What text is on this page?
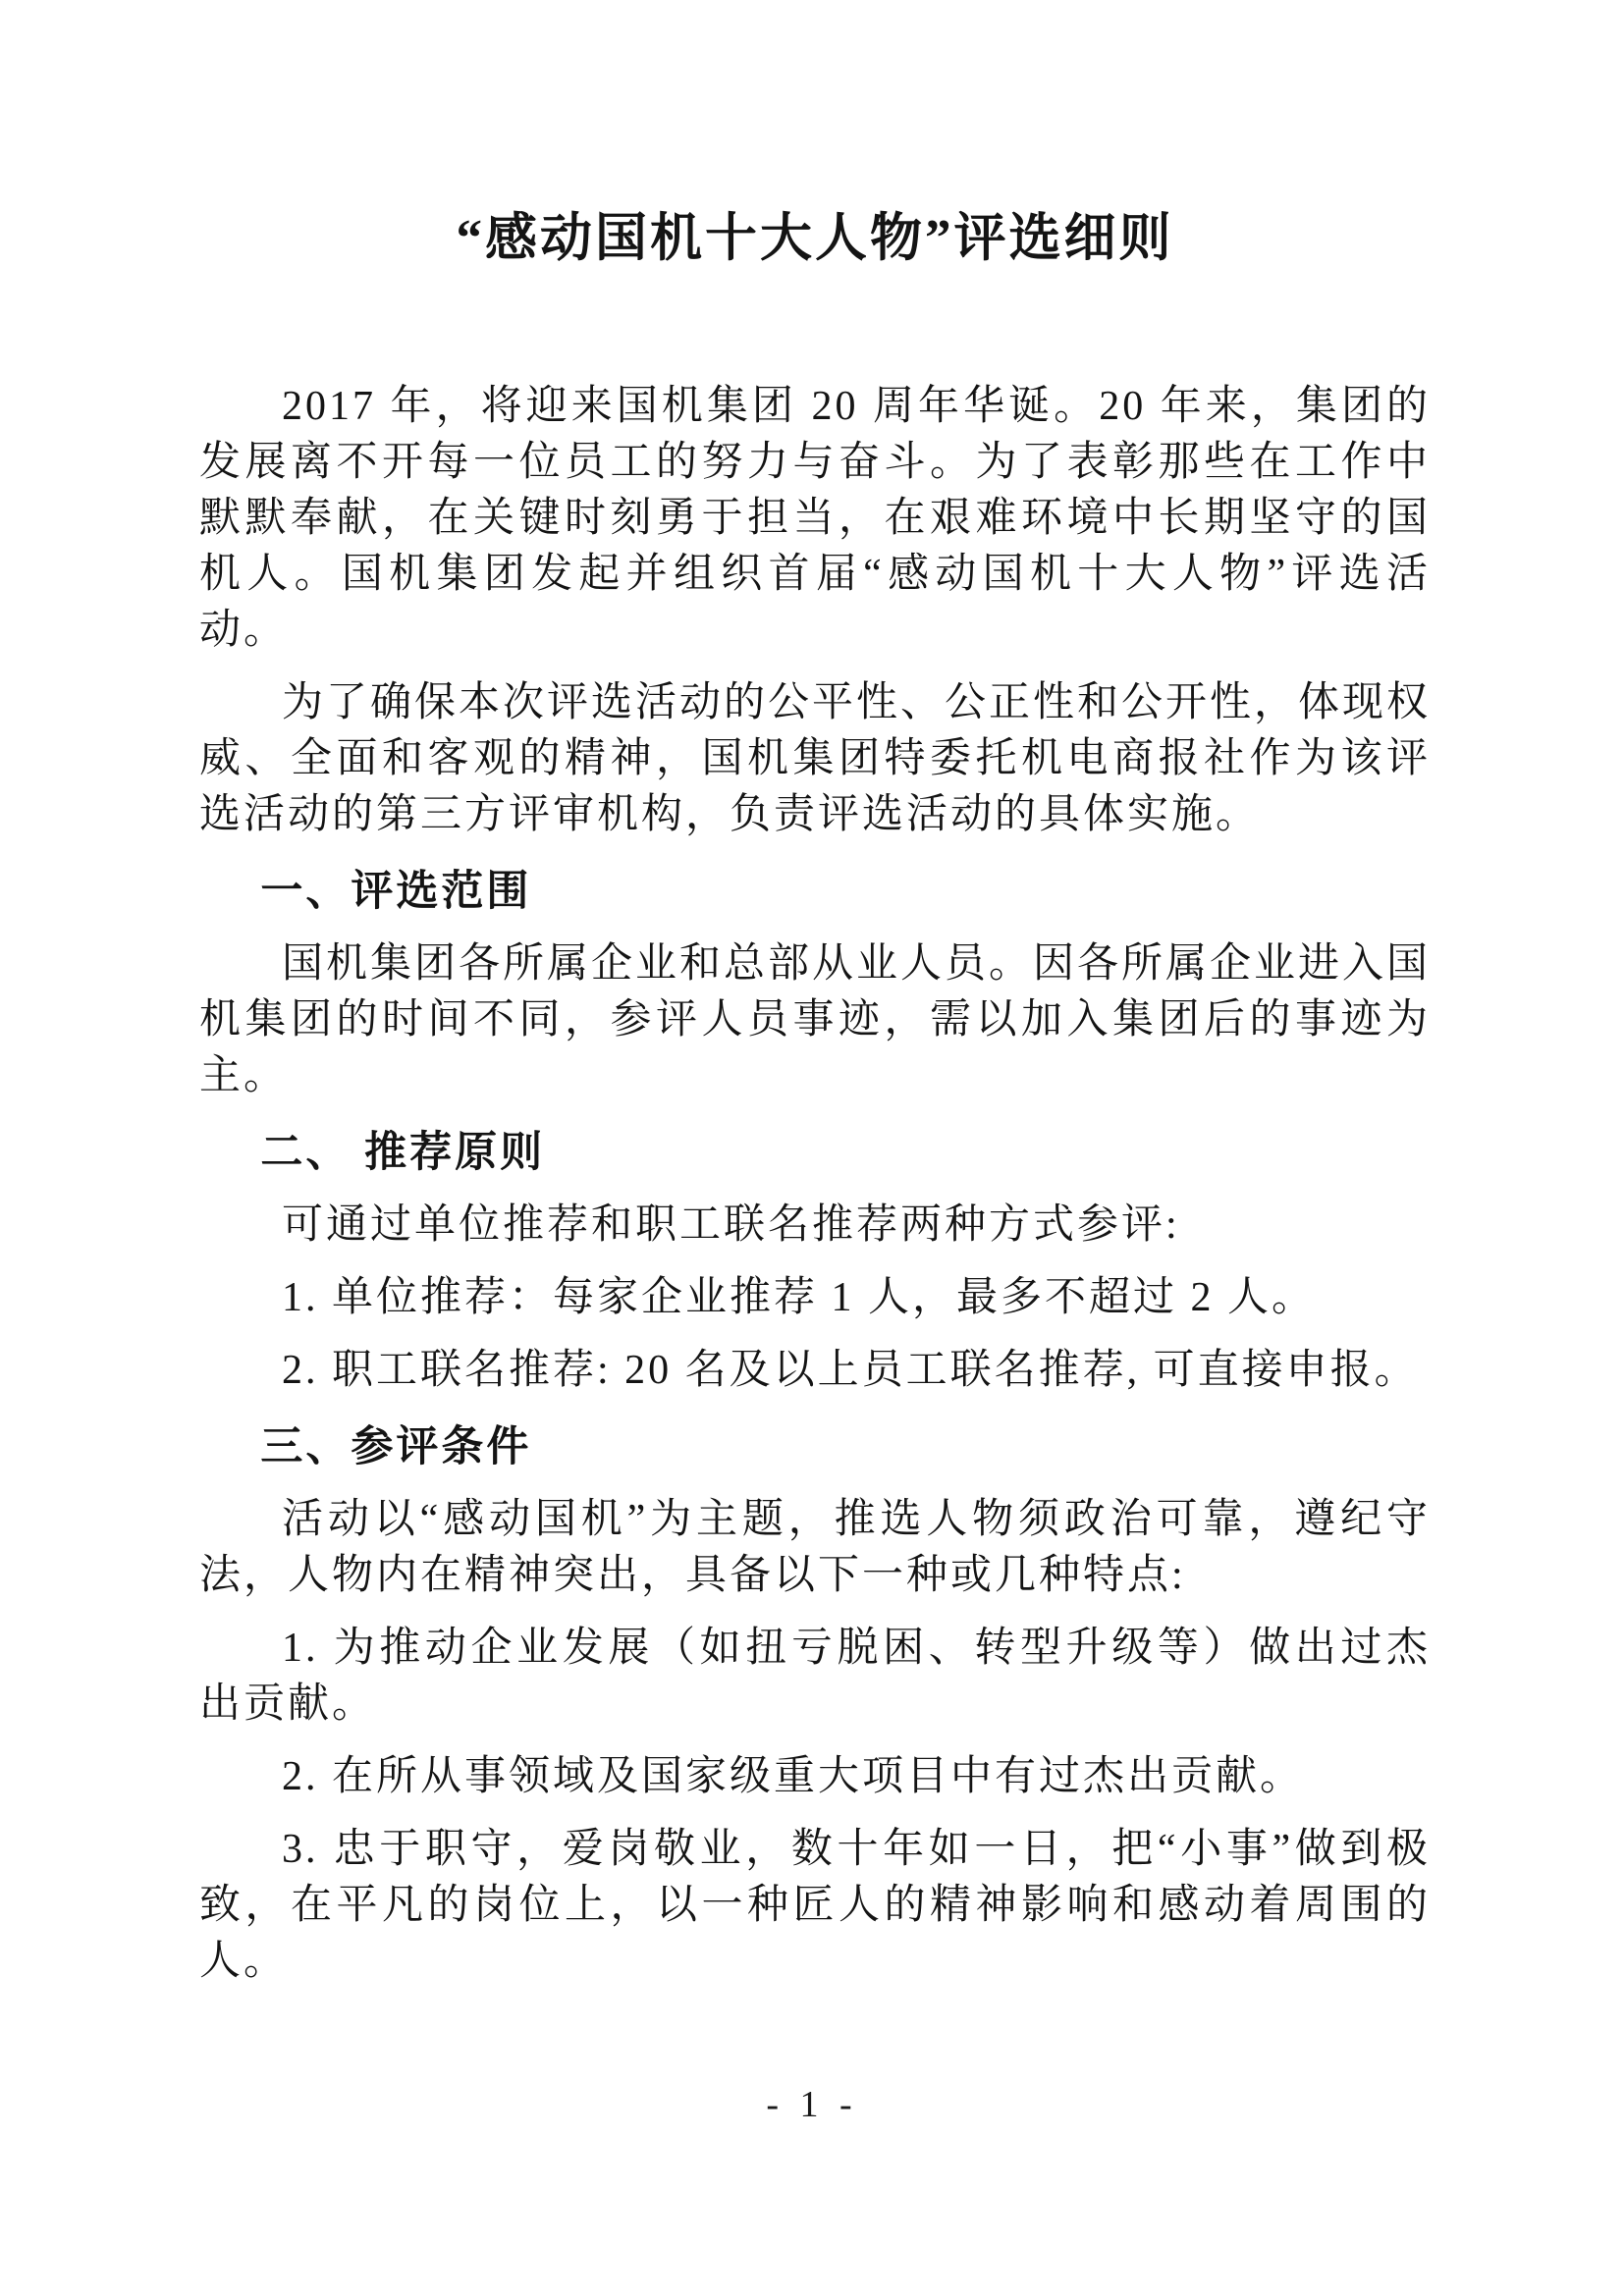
“感动国机十大人物”评选细则

2017 年，将迎来国机集团 20 周年华诞。20 年来，集团的发展离不开每一位员工的努力与奋斗。为了表彰那些在工作中默默奉献，在关键时刻勇于担当，在艰难环境中长期坚守的国机人。国机集团发起并组织首届“感动国机十大人物”评选活动。

为了确保本次评选活动的公平性、公正性和公开性，体现权威、全面和客观的精神，国机集团特委托机电商报社作为该评选活动的第三方评审机构，负责评选活动的具体实施。

一、评选范围

国机集团各所属企业和总部从业人员。因各所属企业进入国机集团的时间不同，参评人员事迹，需以加入集团后的事迹为主。

二、 推荐原则

可通过单位推荐和职工联名推荐两种方式参评:

1. 单位推荐：每家企业推荐 1 人，最多不超过 2 人。

2. 职工联名推荐: 20 名及以上员工联名推荐, 可直接申报。

三、参评条件

活动以“感动国机”为主题，推选人物须政治可靠，遵纪守法，人物内在精神突出，具备以下一种或几种特点:

1. 为推动企业发展（如扭亏脱困、转型升级等）做出过杰出贡献。

2. 在所从事领域及国家级重大项目中有过杰出贡献。

3. 忠于职守，爱岗敬业，数十年如一日，把“小事”做到极致，在平凡的岗位上，以一种匠人的精神影响和感动着周围的人。

- 1 -
